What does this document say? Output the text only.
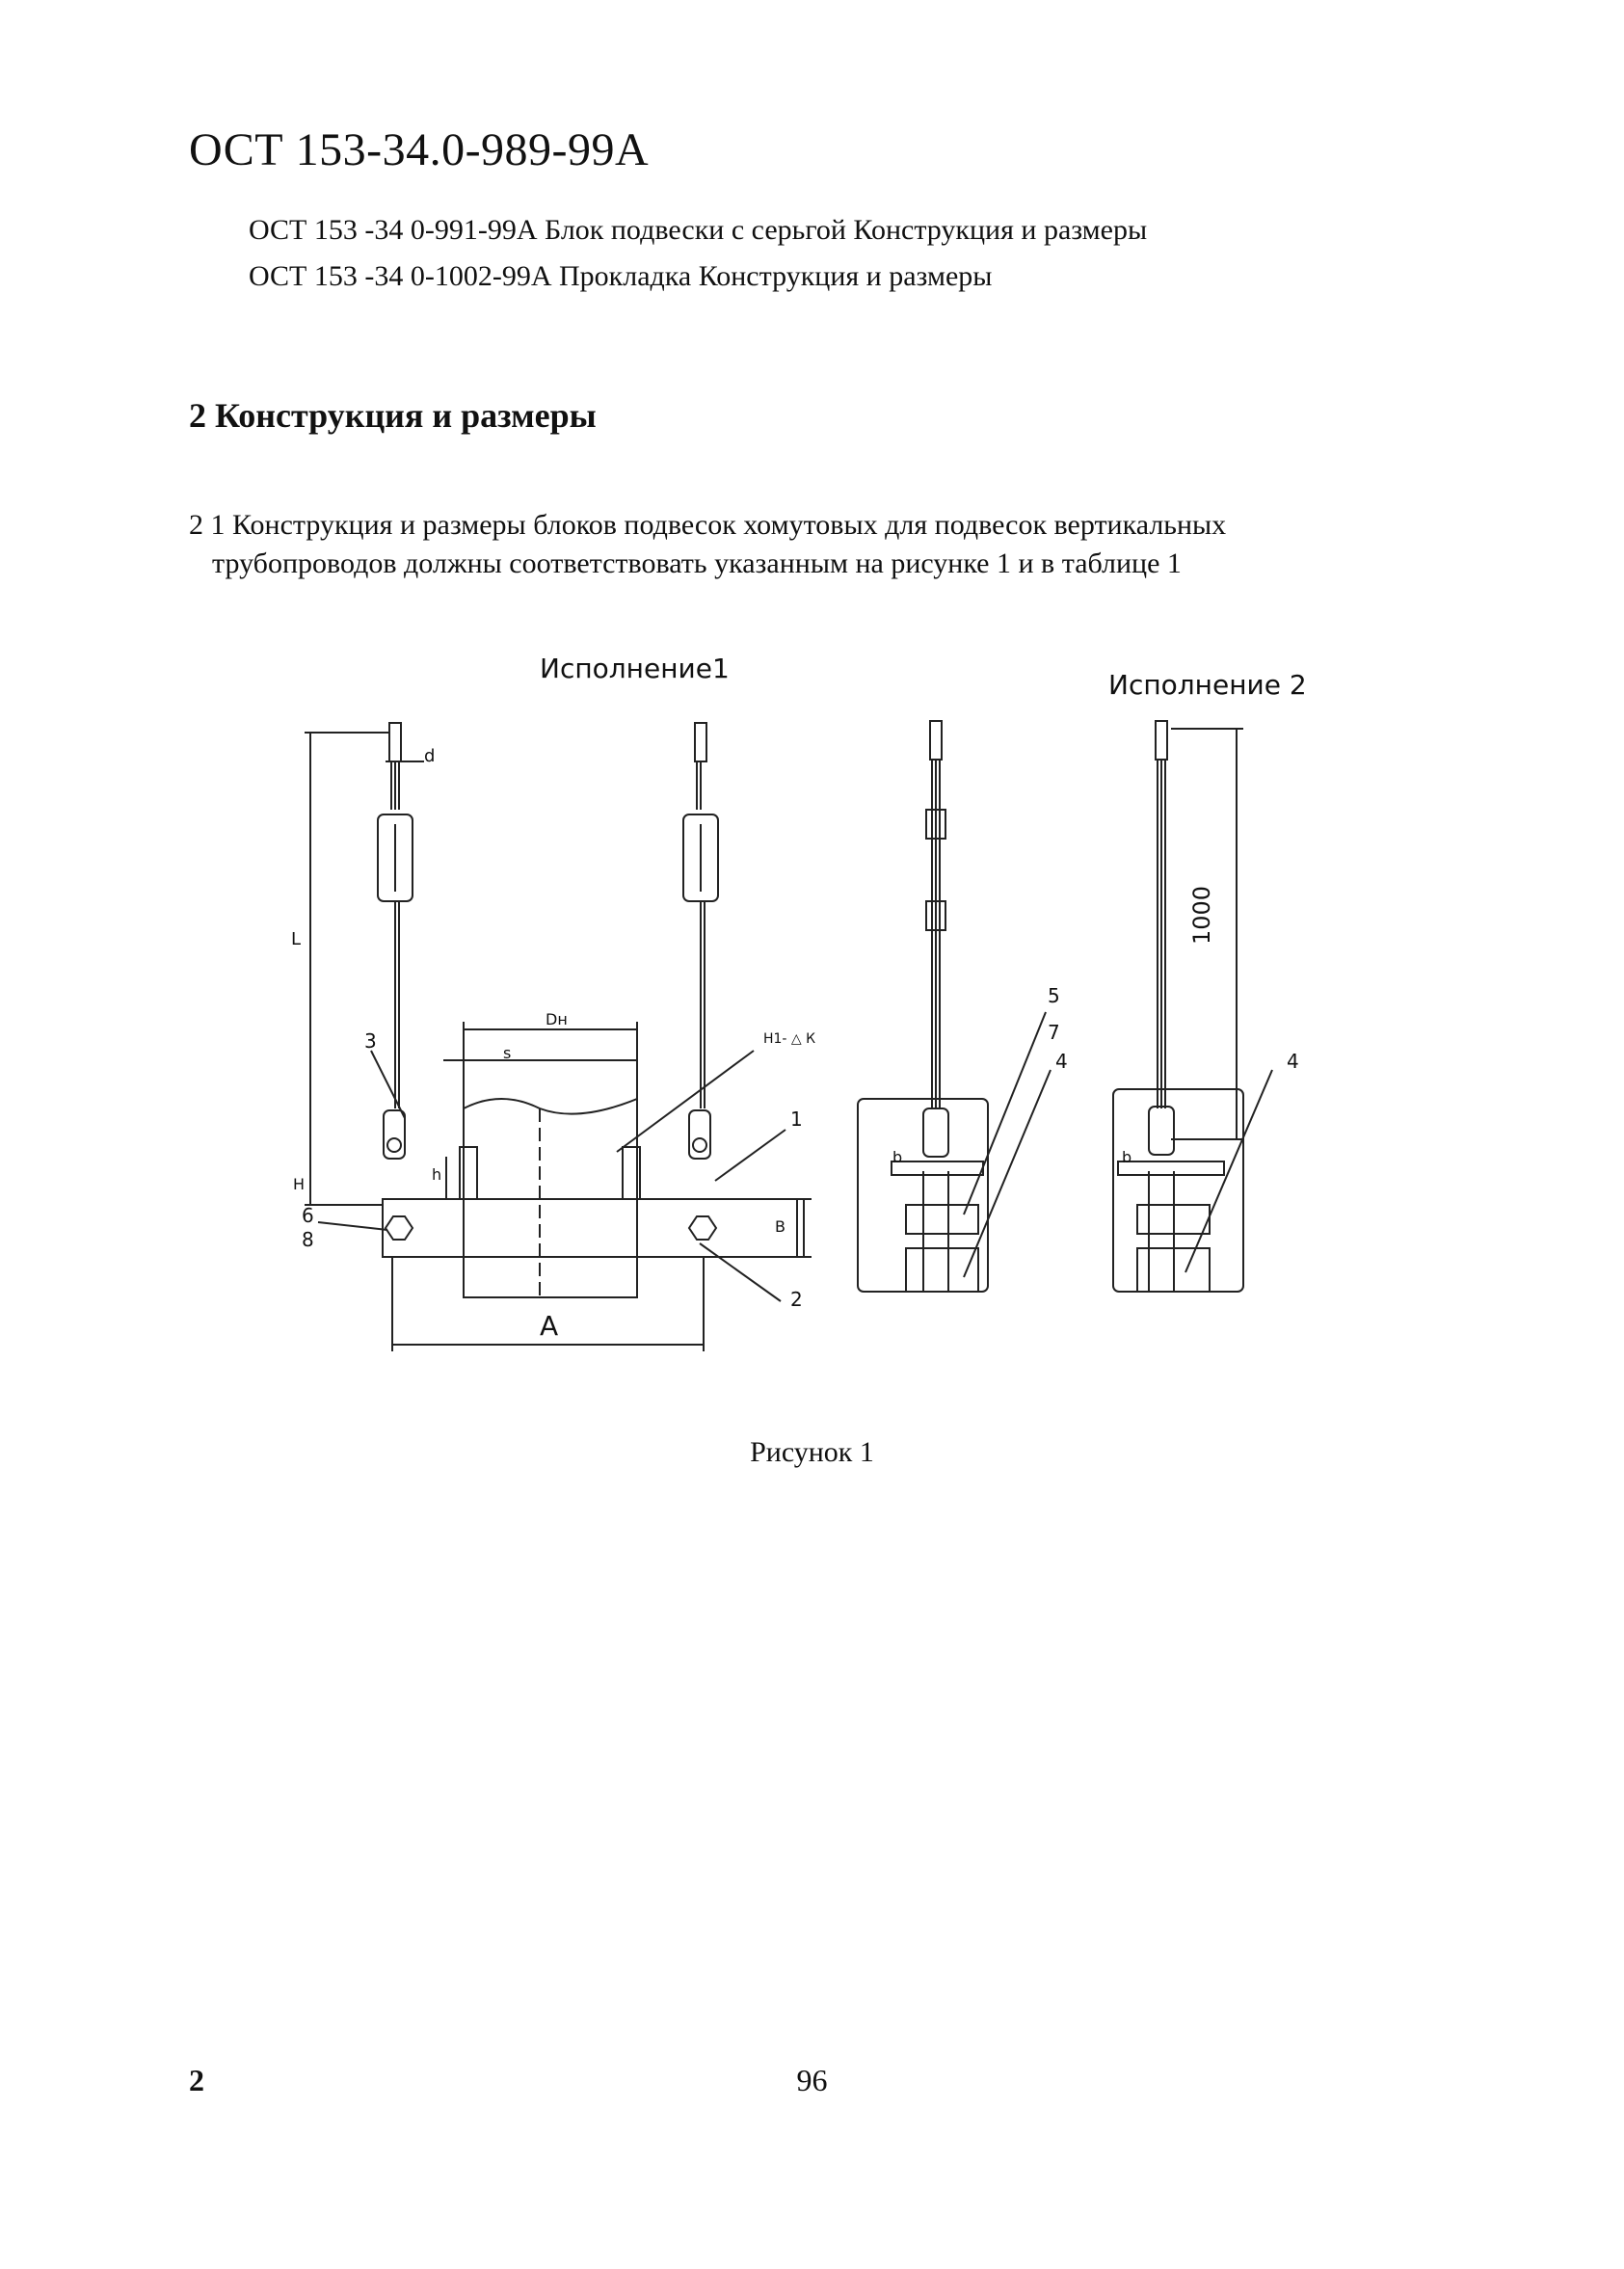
ОСТ 153-34.0-989-99А
ОСТ 153 -34 0-991-99А Блок подвески с серьгой Конструкция и размеры
ОСТ 153 -34 0-1002-99А Прокладка Конструкция и размеры
2 Конструкция и размеры
2 1 Конструкция и размеры блоков подвесок хомутовых для подвесок вертикальных
трубопроводов должны соответствовать указанным на рисунке 1 и в таблице 1
Исполнение1
Исполнение 2
d
L
Dн
s
h
H
B
A
Н1- △ К
b	b
1000
3
1
2
6
8
5
7
4	4
Рисунок 1
2	96
